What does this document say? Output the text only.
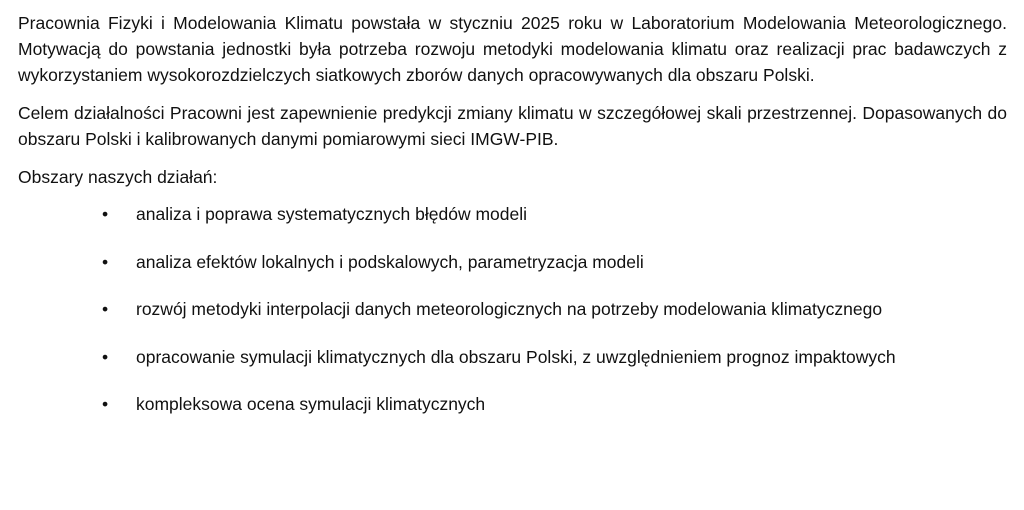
Pracownia Fizyki i Modelowania Klimatu powstała w styczniu 2025 roku w Laboratorium Modelowania Meteorologicznego. Motywacją do powstania jednostki była potrzeba rozwoju metodyki modelowania klimatu oraz realizacji prac badawczych z wykorzystaniem wysokorozdzielczych siatkowych zborów danych opracowywanych dla obszaru Polski.

Celem działalności Pracowni jest zapewnienie predykcji zmiany klimatu w szczegółowej skali przestrzennej. Dopasowanych do obszaru Polski i kalibrowanych danymi pomiarowymi sieci IMGW-PIB.

Obszary naszych działań:

• analiza i poprawa systematycznych błędów modeli
• analiza efektów lokalnych i podskalowych, parametryzacja modeli
• rozwój metodyki interpolacji danych meteorologicznych na potrzeby modelowania klimatycznego
• opracowanie symulacji klimatycznych dla obszaru Polski, z uwzględnieniem prognoz impaktowych
• kompleksowa ocena symulacji klimatycznych
